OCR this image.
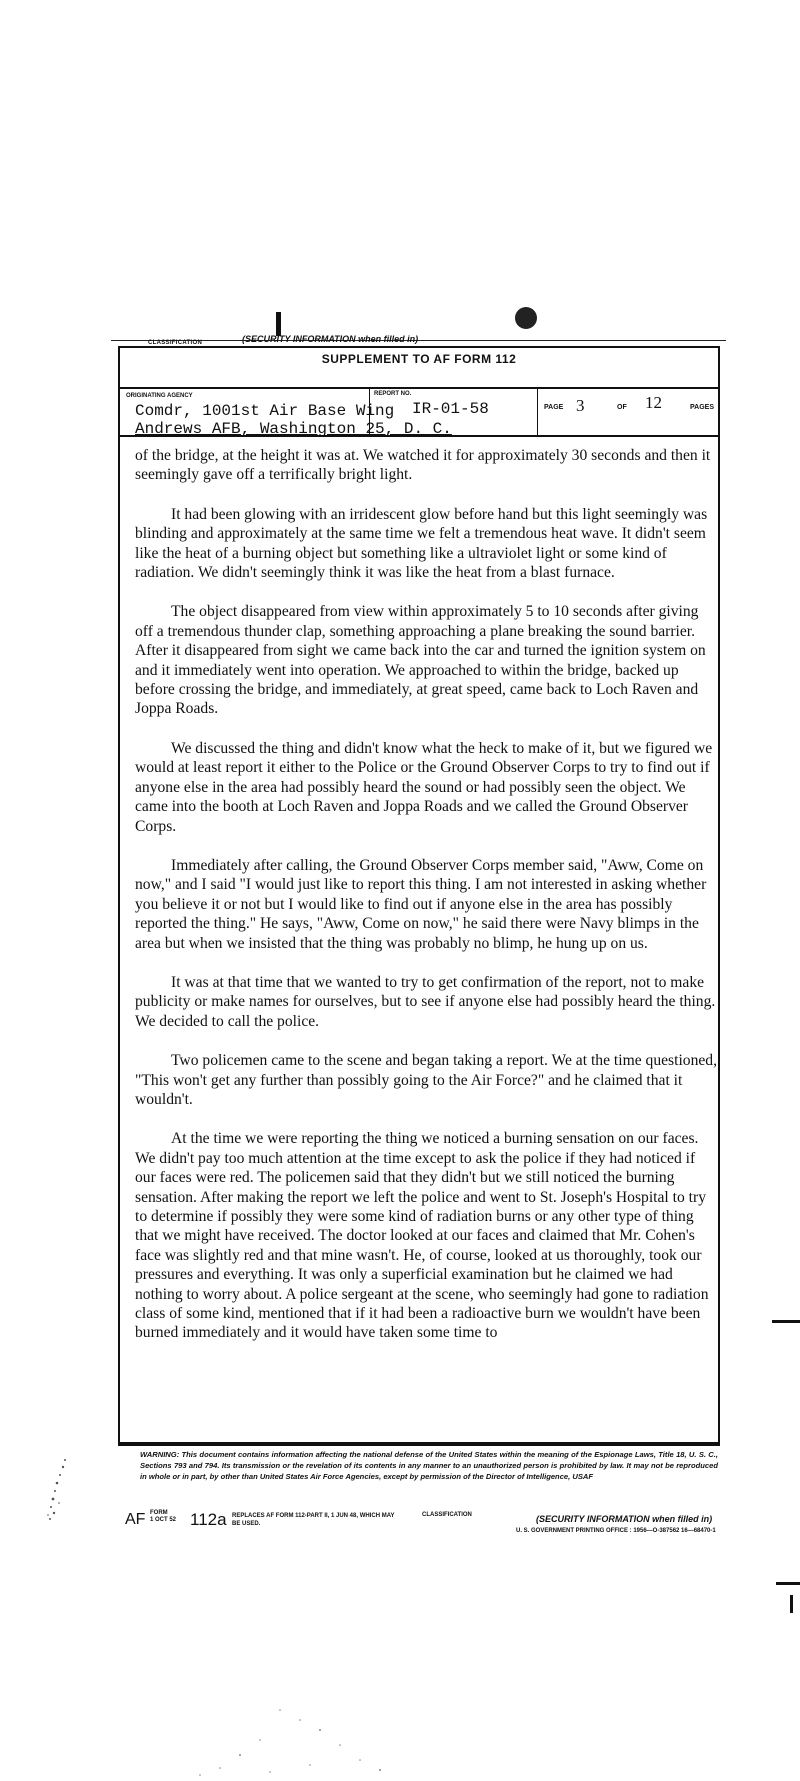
CLASSIFICATION	(SECURITY INFORMATION when filled in)
SUPPLEMENT TO AF FORM 112
ORIGINATING AGENCY
Comdr, 1001st Air Base Wing
Andrews AFB, Washington 25, D. C.
REPORT NO.
IR-01-58	PAGE 3	OF 12	PAGES

of the bridge, at the height it was at. We watched it for approximately 30 seconds and then it seemingly gave off a terrifically bright light.

It had been glowing with an irridescent glow before hand but this light seemingly was blinding and approximately at the same time we felt a tremendous heat wave. It didn't seem like the heat of a burning object but something like a ultraviolet light or some kind of radiation. We didn't seemingly think it was like the heat from a blast furnace.

The object disappeared from view within approximately 5 to 10 seconds after giving off a tremendous thunder clap, something approaching a plane breaking the sound barrier. After it disappeared from sight we came back into the car and turned the ignition system on and it immediately went into operation. We approached to within the bridge, backed up before crossing the bridge, and immediately, at great speed, came back to Loch Raven and Joppa Roads.

We discussed the thing and didn't know what the heck to make of it, but we figured we would at least report it either to the Police or the Ground Observer Corps to try to find out if anyone else in the area had possibly heard the sound or had possibly seen the object. We came into the booth at Loch Raven and Joppa Roads and we called the Ground Observer Corps.

Immediately after calling, the Ground Observer Corps member said, "Aww, Come on now," and I said "I would just like to report this thing. I am not interested in asking whether you believe it or not but I would like to find out if anyone else in the area has possibly reported the thing." He says, "Aww, Come on now," he said there were Navy blimps in the area but when we insisted that the thing was probably no blimp, he hung up on us.

It was at that time that we wanted to try to get confirmation of the report, not to make publicity or make names for ourselves, but to see if anyone else had possibly heard the thing. We decided to call the police.

Two policemen came to the scene and began taking a report. We at the time questioned, "This won't get any further than possibly going to the Air Force?" and he claimed that it wouldn't.

At the time we were reporting the thing we noticed a burning sensation on our faces. We didn't pay too much attention at the time except to ask the police if they had noticed if our faces were red. The policemen said that they didn't but we still noticed the burning sensation. After making the report we left the police and went to St. Joseph's Hospital to try to determine if possibly they were some kind of radiation burns or any other type of thing that we might have received. The doctor looked at our faces and claimed that Mr. Cohen's face was slightly red and that mine wasn't. He, of course, looked at us thoroughly, took our pressures and everything. It was only a superficial examination but he claimed we had nothing to worry about. A police sergeant at the scene, who seemingly had gone to radiation class of some kind, mentioned that if it had been a radioactive burn we wouldn't have been burned immediately and it would have taken some time to

WARNING: This document contains information affecting the national defense of the United States within the meaning of the Espionage Laws, Title 18, U. S. C., Sections 793 and 794. Its transmission or the revelation of its contents in any manner to an unauthorized person is prohibited by law. It may not be reproduced in whole or in part, by other than United States Air Force Agencies, except by permission of the Director of Intelligence, USAF
AF FORM
1 OCT 52 112a REPLACES AF FORM 112-PART II, 1 JUN 48, WHICH MAY BE USED.
CLASSIFICATION	(SECURITY INFORMATION when filled in)
U. S. GOVERNMENT PRINTING OFFICE : 1956—O-387562 16—68470-1
